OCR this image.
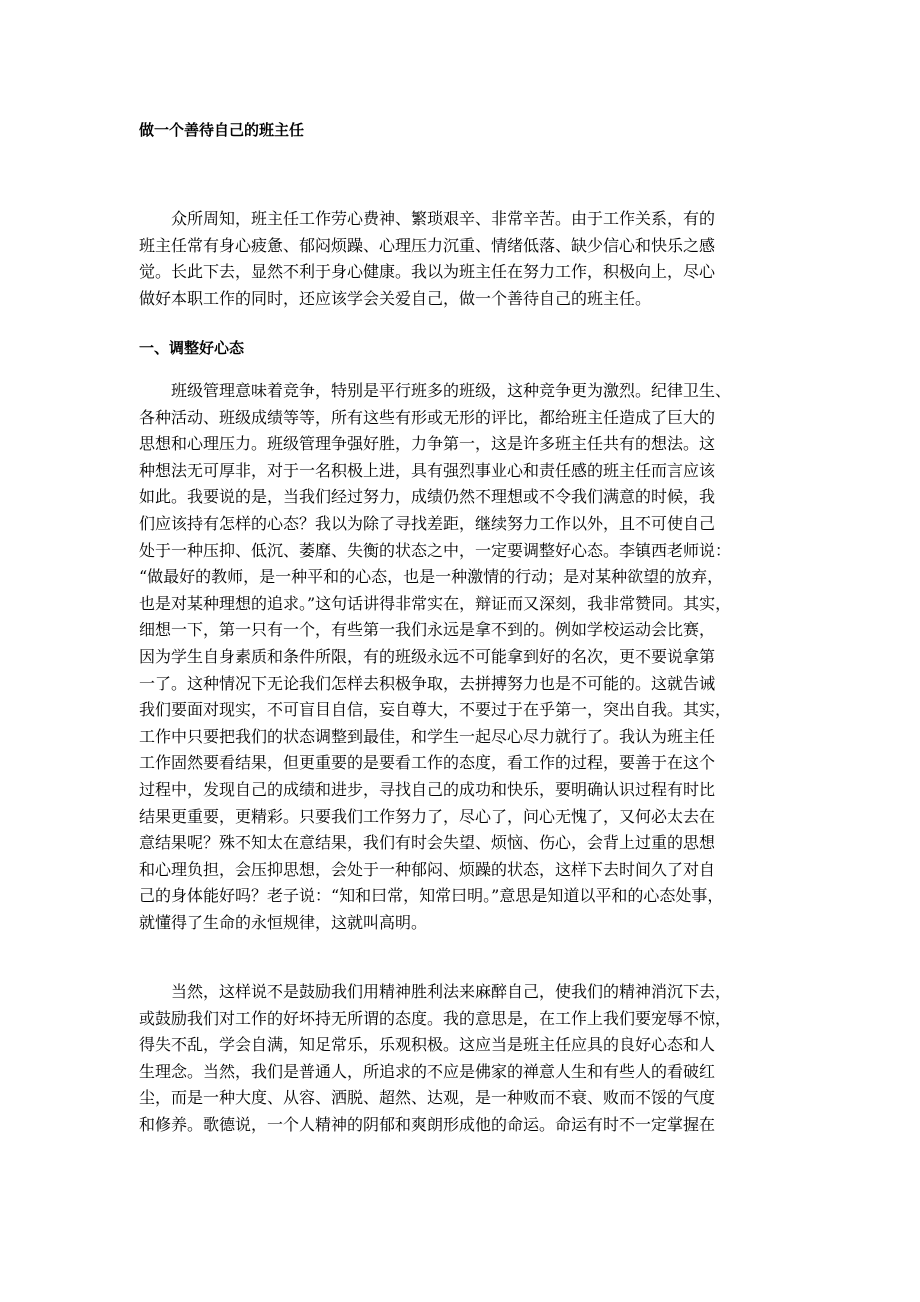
做一个善待自己的班主任
众所周知，班主任工作劳心费神、繁琐艰辛、非常辛苦。由于工作关系，有的
班主任常有身心疲惫、郁闷烦躁、心理压力沉重、情绪低落、缺少信心和快乐之感
觉。长此下去，显然不利于身心健康。我以为班主任在努力工作，积极向上，尽心
做好本职工作的同时，还应该学会关爱自己，做一个善待自己的班主任。
一、调整好心态
班级管理意味着竞争，特别是平行班多的班级，这种竞争更为激烈。纪律卫生、
各种活动、班级成绩等等，所有这些有形或无形的评比，都给班主任造成了巨大的
思想和心理压力。班级管理争强好胜，力争第一，这是许多班主任共有的想法。这
种想法无可厚非，对于一名积极上进，具有强烈事业心和责任感的班主任而言应该
如此。我要说的是，当我们经过努力，成绩仍然不理想或不令我们满意的时候，我
们应该持有怎样的心态？我以为除了寻找差距，继续努力工作以外，且不可使自己
处于一种压抑、低沉、萎靡、失衡的状态之中，一定要调整好心态。李镇西老师说：
“做最好的教师，是一种平和的心态，也是一种激情的行动；是对某种欲望的放弃，
也是对某种理想的追求。”这句话讲得非常实在，辩证而又深刻，我非常赞同。其实，
细想一下，第一只有一个，有些第一我们永远是拿不到的。例如学校运动会比赛，
因为学生自身素质和条件所限，有的班级永远不可能拿到好的名次，更不要说拿第
一了。这种情况下无论我们怎样去积极争取，去拼搏努力也是不可能的。这就告诫
我们要面对现实，不可盲目自信，妄自尊大，不要过于在乎第一，突出自我。其实，
工作中只要把我们的状态调整到最佳，和学生一起尽心尽力就行了。我认为班主任
工作固然要看结果，但更重要的是要看工作的态度，看工作的过程，要善于在这个
过程中，发现自己的成绩和进步，寻找自己的成功和快乐，要明确认识过程有时比
结果更重要，更精彩。只要我们工作努力了，尽心了，问心无愧了，又何必太去在
意结果呢？殊不知太在意结果，我们有时会失望、烦恼、伤心，会背上过重的思想
和心理负担，会压抑思想，会处于一种郁闷、烦躁的状态，这样下去时间久了对自
己的身体能好吗？老子说：“知和曰常，知常曰明。”意思是知道以平和的心态处事，
就懂得了生命的永恒规律，这就叫高明。
当然，这样说不是鼓励我们用精神胜利法来麻醉自己，使我们的精神消沉下去，
或鼓励我们对工作的好坏持无所谓的态度。我的意思是，在工作上我们要宠辱不惊，
得失不乱，学会自满，知足常乐，乐观积极。这应当是班主任应具的良好心态和人
生理念。当然，我们是普通人，所追求的不应是佛家的禅意人生和有些人的看破红
尘，而是一种大度、从容、洒脱、超然、达观，是一种败而不衰、败而不馁的气度
和修养。歌德说，一个人精神的阴郁和爽朗形成他的命运。命运有时不一定掌握在
